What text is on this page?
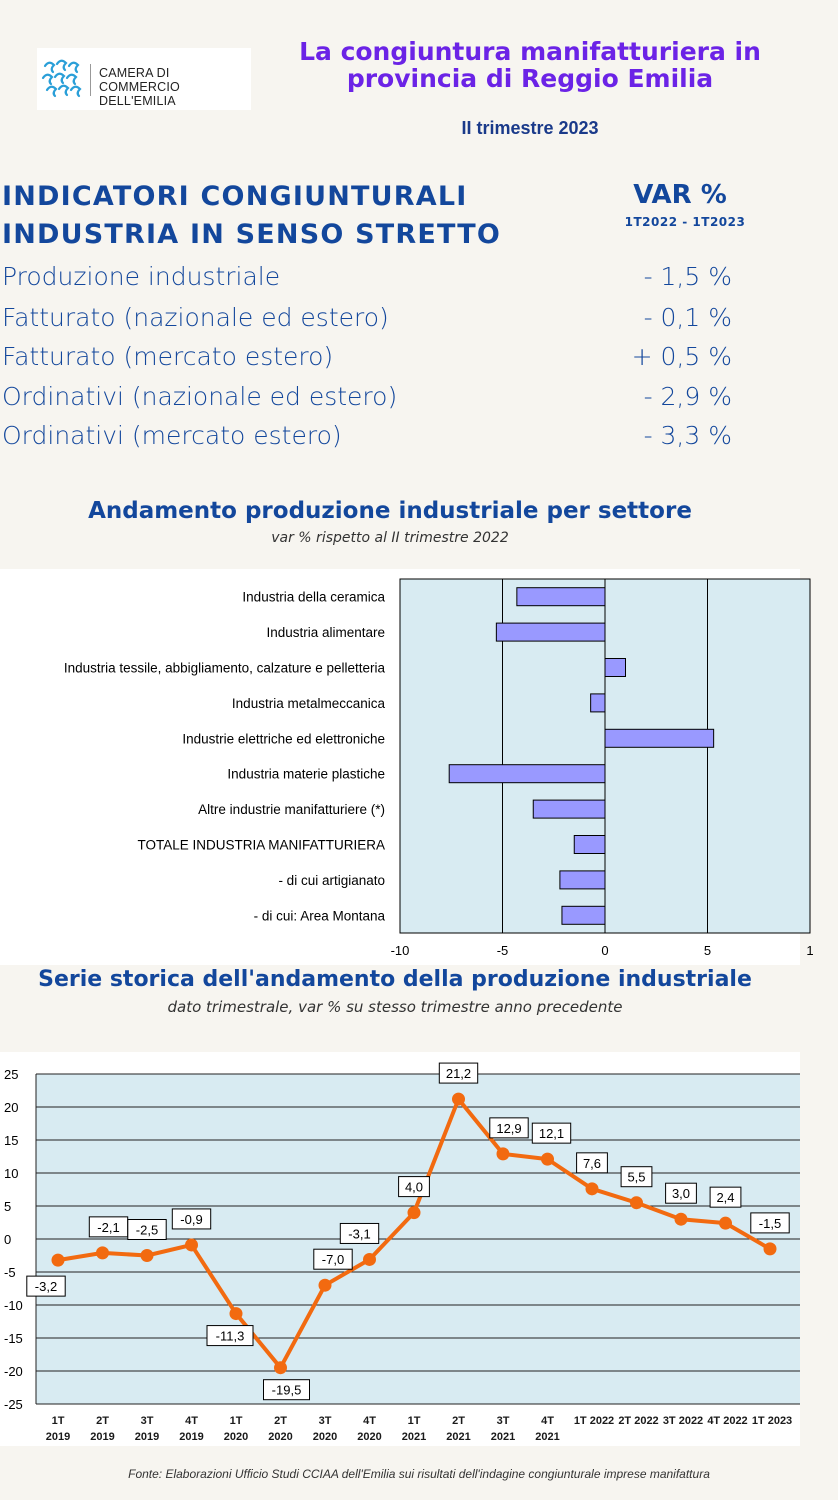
CAMERA DI COMMERCIO
DELL'EMILIA
La congiuntura manifatturiera in
provincia di Reggio Emilia
II trimestre 2023
INDICATORI CONGIUNTURALI
INDUSTRIA IN SENSO STRETTO
VAR %
1T2022 - 1T2023
Produzione industriale	- 1,5 %
Fatturato (nazionale ed estero)	- 0,1 %
Fatturato (mercato estero)	+ 0,5 %
Ordinativi (nazionale ed estero)	- 2,9 %
Ordinativi (mercato estero)	- 3,3 %
Andamento produzione industriale per settore
var % rispetto al II trimestre 2022
-10	-5	0	5	1
Industria della ceramica
Industria alimentare
Industria tessile, abbigliamento, calzature e pelletteria
Industria metalmeccanica
Industrie elettriche ed elettroniche
Industria materie plastiche
Altre industrie manifatturiere (*)
TOTALE INDUSTRIA MANIFATTURIERA
- di cui artigianato
- di cui: Area Montana
Serie storica dell'andamento della produzione industriale
dato trimestrale, var % su stesso trimestre anno precedente
25
20
15
10
5
0
-5
-10
-15
-20
-25
-3,2
-2,1 -2,5
-0,9
-11,3
-19,5
-7,0
-3,1
4,0
21,2
12,9 12,1
7,6
5,5
3,0 2,4
-1,5
1T
2019
2T
2019
3T
2019
4T
2019
1T
2020
2T
2020
3T
2020
4T
2020
1T
2021
2T
2021
3T
2021
4T
2021
1T 2022 2T 2022 3T 2022 4T 2022 1T 2023
Fonte: Elaborazioni Ufficio Studi CCIAA dell'Emilia sui risultati dell'indagine congiunturale imprese manifattura
